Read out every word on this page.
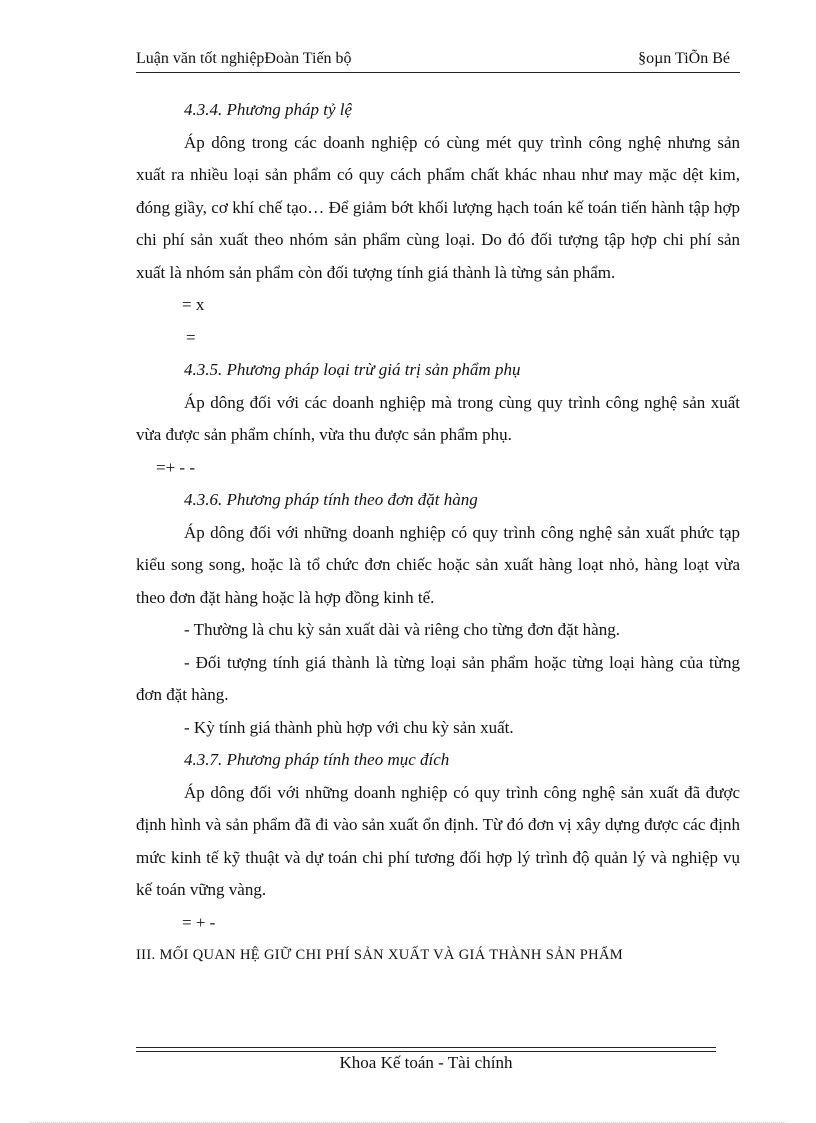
Luận văn tốt nghiệpĐoàn Tiến bộ	§oµn TiÕn Bé
4.3.4. Phương pháp tỷ lệ
Áp dông trong các doanh nghiệp có cùng mét quy trình công nghệ nhưng sản xuất ra nhiều loại sản phẩm có quy cách phẩm chất khác nhau như may mặc dệt kim, đóng giầy, cơ khí chế tạo… Để giảm bớt khối lượng hạch toán kế toán tiến hành tập hợp chi phí sản xuất theo nhóm sản phẩm cùng loại. Do đó đối tượng tập hợp chi phí sản xuất là nhóm sản phẩm còn đối tượng tính giá thành là từng sản phẩm.
= x
=
4.3.5. Phương pháp loại trừ giá trị sản phẩm phụ
Áp dông đối với các doanh nghiệp mà trong cùng quy trình công nghệ sản xuất vừa được sản phẩm chính, vừa thu được sản phẩm phụ.
=+ - -
4.3.6. Phương pháp tính theo đơn đặt hàng
Áp dông đối với những doanh nghiệp có quy trình công nghệ sản xuất phức tạp kiểu song song, hoặc là tổ chức đơn chiếc hoặc sản xuất hàng loạt nhỏ, hàng loạt vừa theo đơn đặt hàng hoặc là hợp đồng kinh tế.
- Thường là chu kỳ sản xuất dài và riêng cho từng đơn đặt hàng.
- Đối tượng tính giá thành là từng loại sản phẩm hoặc từng loại hàng của từng đơn đặt hàng.
- Kỳ tính giá thành phù hợp với chu kỳ sản xuất.
4.3.7. Phương pháp tính theo mục đích
Áp dông đối với những doanh nghiệp có quy trình công nghệ sản xuất đã được định hình và sản phẩm đã đi vào sản xuất ổn định. Từ đó đơn vị xây dựng được các định mức kinh tế kỹ thuật và dự toán chi phí tương đối hợp lý trình độ quản lý và nghiệp vụ kế toán vững vàng.
= + -
III. MỐI QUAN HỆ GIỮ CHI PHÍ SẢN XUẤT VÀ GIÁ THÀNH SẢN PHẨM
Khoa Kế toán - Tài chính
